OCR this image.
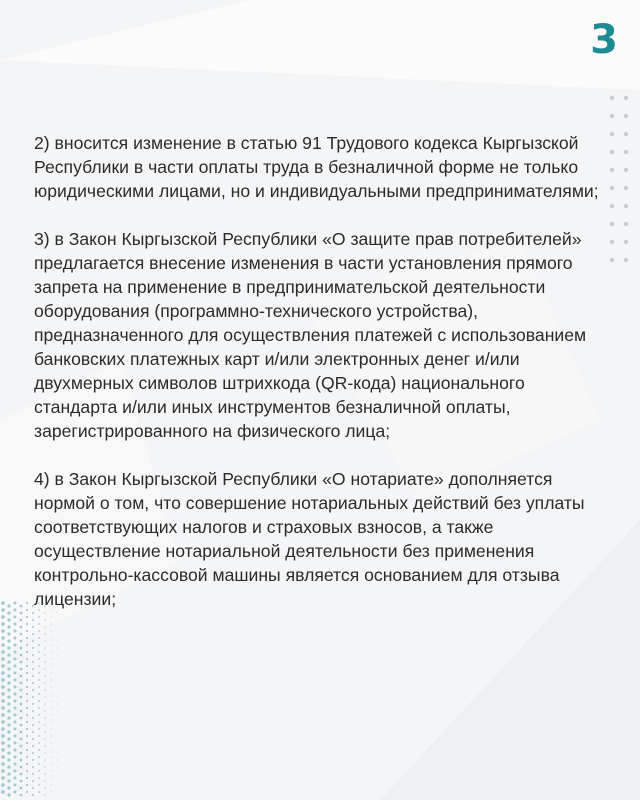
3

2) вносится изменение в статью 91 Трудового кодекса Кыргызской Республики в части оплаты труда в безналичной форме не только юридическими лицами, но и индивидуальными предпринимателями;

3) в Закон Кыргызской Республики «О защите прав потребителей» предлагается внесение изменения в части установления прямого запрета на применение в предпринимательской деятельности оборудования (программно-технического устройства), предназначенного для осуществления платежей с использованием банковских платежных карт и/или электронных денег и/или двухмерных символов штрихкода (QR-кода) национального стандарта и/или иных инструментов безналичной оплаты, зарегистрированного на физического лица;

4) в Закон Кыргызской Республики «О нотариате» дополняется нормой о том, что совершение нотариальных действий без уплаты соответствующих налогов и страховых взносов, а также осуществление нотариальной деятельности без применения контрольно-кассовой машины является основанием для отзыва лицензии;
